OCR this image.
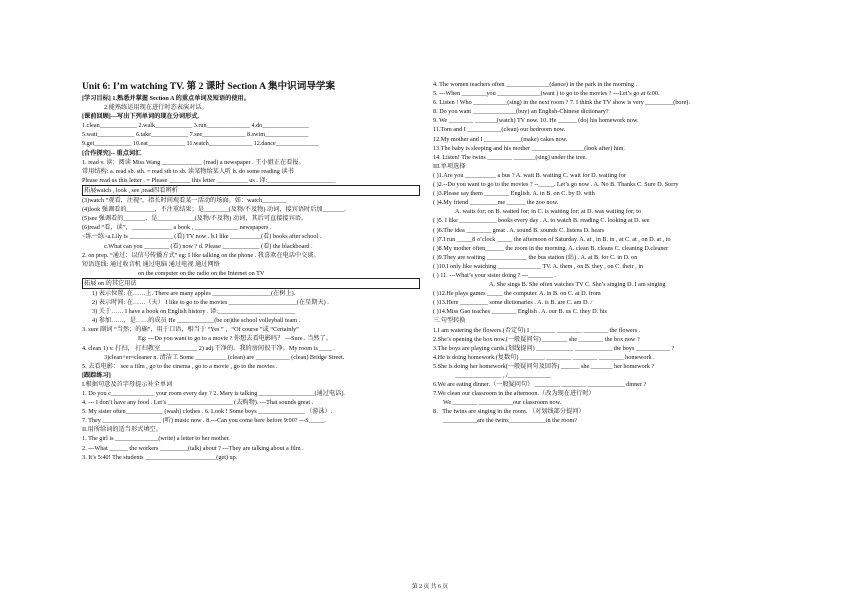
Unit 6: I’m watching TV. 第 2 课时 Section A 集中识词导学案
[学习目标] 1.熟悉并掌握 Section A 的重点单词及短语的使用。
2.能熟练运用现在进行时态表演对话。
[课前回顾]—写出下列单词的现在分词形式.
1.clean____________ 2.walk____________ 3.run______________ 4.do_______________
5.wait____________ 6.take____________ 7.see______________ 8.swim______________
9.get____________ 10.eat____________ 11.watch______________ 12.dance______________
[合作探究]-- 重点词汇
1. read v. 读；阅读 Miss Wang _____________ (read) a newspaper . 王小姐正在看报。
常用结构: a. read sb. sth. = read sth to sb. 读某物给某人听 b. do some reading 读书
Please read us this letter . = Please _______ this letter __________ us . 译:______________________
拓展watch , look , see ,read四看辨析
(3)watch “观看，注视”，指长时间观看某一活动的场面。如：watch________
(4)look 强调看的_________，不注重结果；是________(及物/不及物) 动词，接宾语时后加_______.
(5)see 强调看的_______，是____________(及物/不及物) 动词，其后可直接接宾语。
(6)read “看，读”，_____________ a book , ______________ newspapers .
<练一练>a.Lily is ______________ (看) TV now . b.I like __________(看) books after school .
c.What can you ________ (看) now ? d. Please ____________ (看) the blackboard .
2. on prep. “通过；以信号传播方式” eg: I like talking on the phone . 我喜欢在电话中交谈。
短语连线: 通过收音机 通过电脑 通过电视 通过网络
on the computer on the radio on the Internet on TV
拓展 on 的其它用法
1) 表示位置: 在……上. There are many apples ___________________(在树上).
2) 表示时间: 在……（天） I like to go to the movies ______________________(在星期天) .
3) 关于…… I have a book on English history . 译:_________________________
4) 参加……，是……的成员 He ____________(be on)the school volleyball team .
3. sure 副词 “当然；的确”，用于口语，相当于 “Yes ” ，“Of course ”或 “Certainly”
Eg: ---Do you want to go to a movie ? 你想去看电影吗？ ---Sure . 当然了。
4. clean 1) v. 打扫， 打扫教室____________ 2) adj.干净的。我的房间很干净。My room is ____ .
3)clean+er=cleaner n. 清洁工 Some __________ (clean) are ___________ (clean) Bridge Street.
5. 去看电影： see a film , go to the cinema , go to a movie , go to the movies .
[跟踪练习]
I.根据句意及首字母提示补全单词
1. Do you c______________ your room every day ? 2. Mary is talking __________________(通过电话).
4. --- I don’t have any food . Let’s _____________________ (去购物). ---That sounds great .
5. My sister often____________ (wash) clothes . 6. Look ! Some boys _______________ （游泳）.
7. They ___________________ (听) music now . 8.---Can you come here before 9:00? ---S_____.
II.用所给词的适当形式填空。
1. The girl is ______________(write) a letter to her mother.
2. ---What ______ the workers _________(talk) about ? ---They are talking about a film .
3. It’s 5:40! The students _______________________(get) up.
4. The women teachers often ______________(dance) in the park in the morning .
5. ---When ________you ______________(want ) to go to the movies ? ---Let’s go at 6:00.
6. Listen ! Who ___________(sing) in the next room ? 7. I think the TV show is very _________(bore).
8. Do you want ______________(buy) an English-Chinese dictionary?
9. We ________ _______(watch) TV now. 10. He ______ (do) his homework now.
11.Tom and I ___________(clean) our bedroom now.
12.My mother and I ____________(make) cakes now.
13.The baby is sleeping and his mother _________________(look after) him.
14. Listen! The twins ________ _______(sing) under the tree.
III.单项选择
( )1.Are you __________ a bus ? A. wait B. waiting C. wait for D. waiting for
( )2.--Do you want to go to the movies ? --_____. Let’s go now . A. No B. Thanks C. Sure D. Sorry
( )3.Please say them ________ English. A. in B. on C. by D. with
( )4.My friend _________me ______ the zoo now.
A. waits for; on B. waited for; in C. is waiting for; at D. was waiting for; to
( )5. I like ____________ books every day . A. to watch B. reading C. looking at D. see
( )6.The idea ________ great . A. sound B. sounds C. listens D. hears
( )7.I run _____8 o’clock _____ the afternoon of Saturday. A. at , in B. in , at C. at , on D. at , to
( )8.My mother often______ the room in the morning. A. clean B. cleans C. cleaning D.cleaner
( )9.They are waiting _____________ the bus station (站) . A. at B. for C. in D. on
( )10.I only like watching ______________ TV. A. them , on B. they , on C. their , in
( ) 11. ---What’s your sister doing ? ---________ .
A. She sings B. She often watches TV C. She’s singing D. I am singing
( )12.He plays games _____ the computer. A. in B. on C. at D. from
( )13.Here _________ some dictionaries . A. is B. are C. am D. /
( )14.Miss Gao teaches ________ English . A. our B. us C. they D. his
三.句型转换
1.I am watering the flowers.(否定句) I ________ ________ ________ the flowers .
2.She’s opening the box now.(一般疑问句) ________ she ________ the box now ?
3.The boys are playing cards.(划线提问) ____________ ____________ the boys ___________ ?
4.He is doing homework.(复数句) ________ ________ ________ ________ homework .
5.She is doing her homework(一般疑问句及回答) ______ she _______ her homework ?
_______________ , /______________
6.We are eating dinner.（一般疑问句） ________ ________ ____________ dinner ?
7.We clean our classroom in the afternoon.（改为现在进行时）
We ________ ___________our classroom now.
8．The twins are singing in the room. （对划线部分提问）
___________are the twins____________in the room?
第 2 页 共 6 页
